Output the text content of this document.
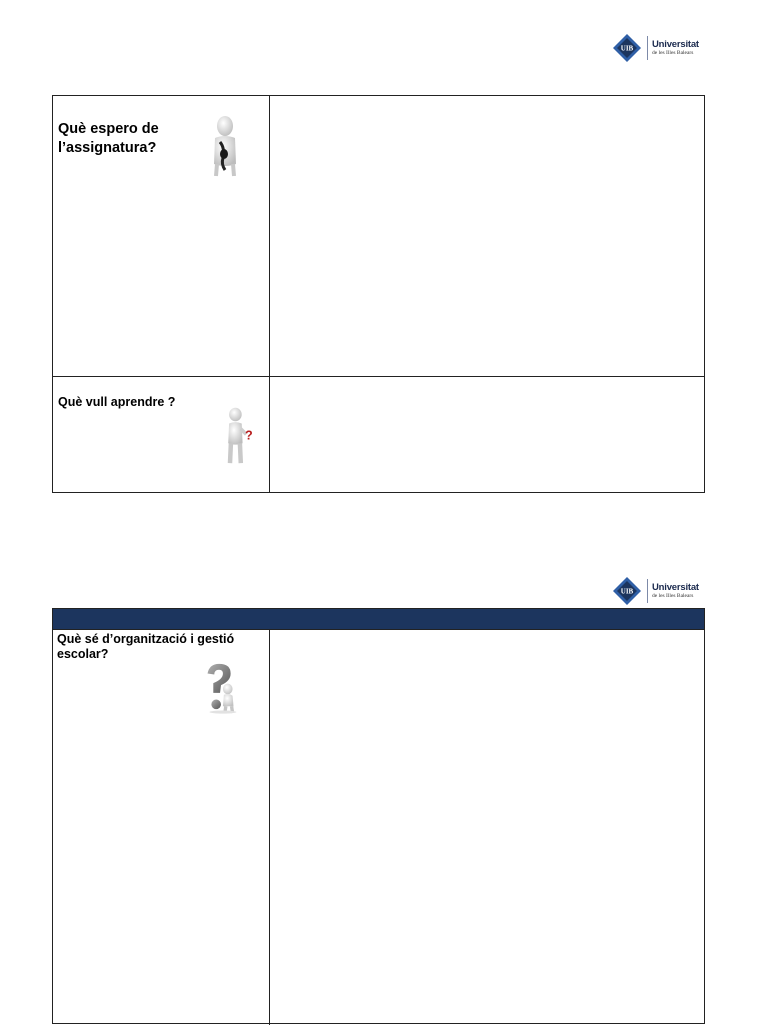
UIB Universitat
de les Illes Balears
Què espero de l’assignatura?
Què vull aprendre ?
?
UIB Universitat
de les Illes Balears
Què sé d’organització i gestió escolar?
